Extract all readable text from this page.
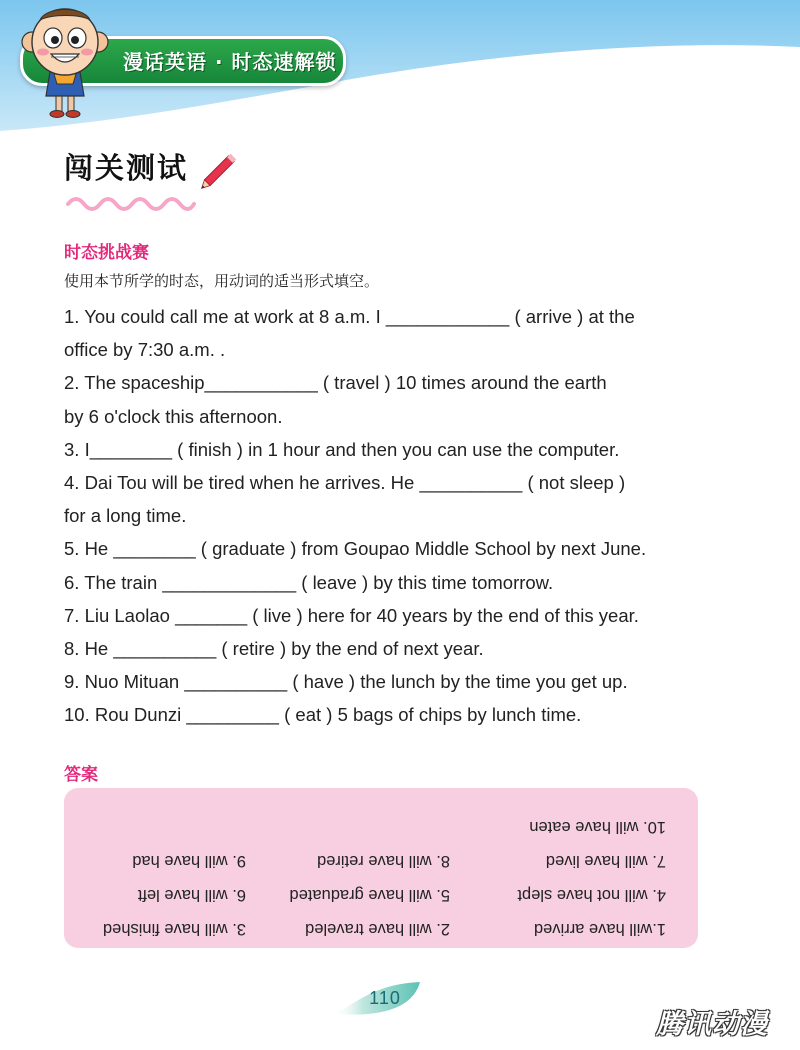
漫话英语 · 时态速解锁
闯关测试
时态挑战赛
使用本节所学的时态，用动词的适当形式填空。

1. You could call me at work at 8 a.m. I ____________ ( arrive ) at the

office by 7:30 a.m. .

2. The spaceship___________ ( travel ) 10 times around the earth

by 6 o'clock this afternoon.

3. I________ ( finish ) in 1 hour and then you can use the computer.

4. Dai Tou will be tired when he arrives. He __________ ( not sleep )

for a long time.

5. He ________ ( graduate ) from Goupao Middle School by next June.

6. The train _____________ ( leave ) by this time tomorrow.

7. Liu Laolao _______ ( live ) here for 40 years by the end of this year.

8. He __________ ( retire ) by the end of next year.

9. Nuo Mituan __________ ( have ) the lunch by the time you get up.

10. Rou Dunzi _________ ( eat ) 5 bags of chips by lunch time.

答案
1.will have arrived
2. will have traveled
3. will have finished
4. will not have slept
5. will have graduated
6. will have left
7. will have lived
8. will have retired
9. will have had
10. will have eaten
110
腾讯动漫
